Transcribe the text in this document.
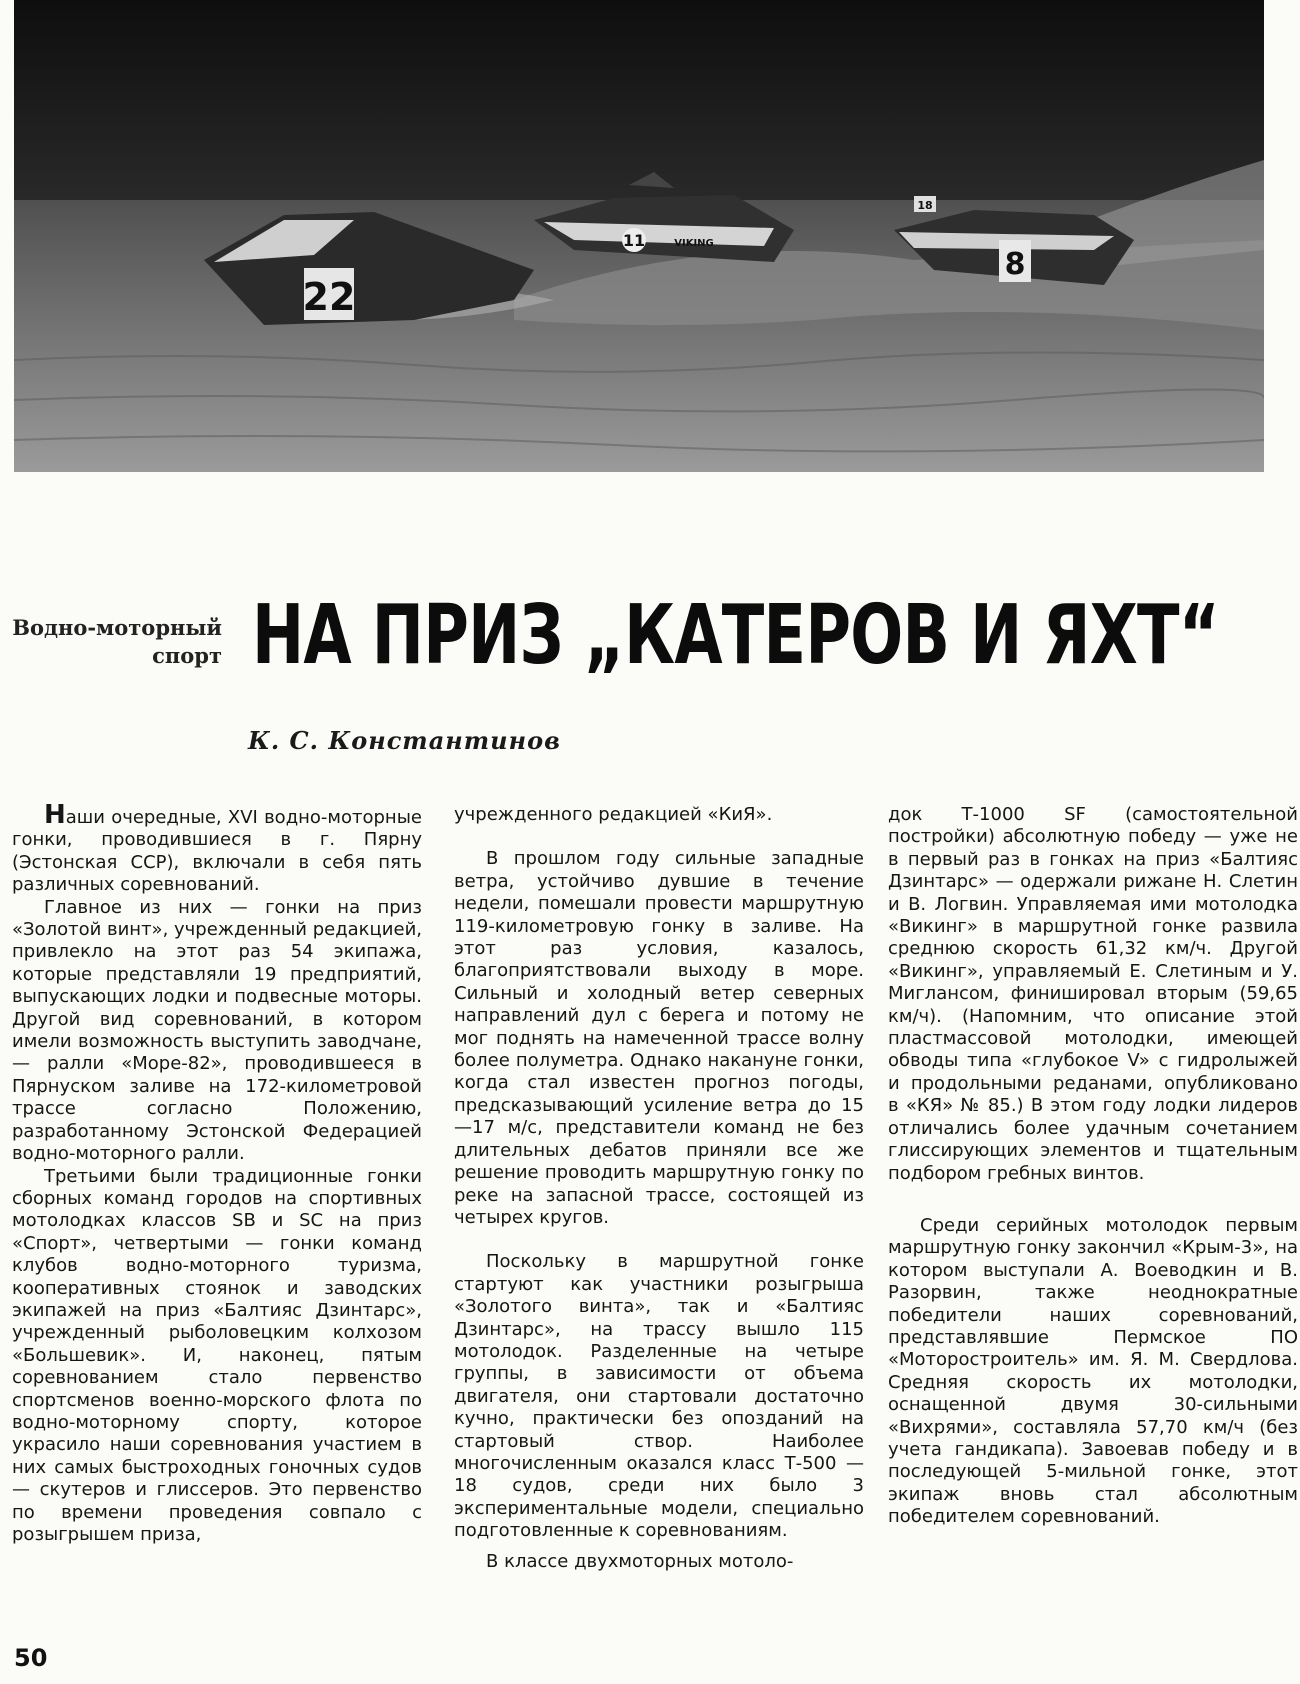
22
11	VIKING
8
18
Водно-моторный
спорт НА ПРИЗ „КАТЕРОВ И ЯХТ“
К. С. Константинов

Наши очередные, XVI водно-моторные гонки, проводившиеся в г. Пярну (Эстонская ССР), включали в себя пять различных соревнований.

Главное из них — гонки на приз «Золотой винт», учрежденный редакцией, привлекло на этот раз 54 экипажа, которые представляли 19 предприятий, выпускающих лодки и подвесные моторы. Другой вид соревнований, в котором имели возможность выступить заводчане,— ралли «Море-82», проводившееся в Пярнуском заливе на 172-километровой трассе согласно Положению, разработанному Эстонской Федерацией водно-моторного ралли.

Третьими были традиционные гонки сборных команд городов на спортивных мотолодках классов SB и SC на приз «Спорт», четвертыми — гонки команд клубов водно-моторного туризма, кооперативных стоянок и заводских экипажей на приз «Балтияс Дзинтарс», учрежденный рыболовецким колхозом «Большевик». И, наконец, пятым соревнованием стало первенство спортсменов военно-морского флота по водно-моторному спорту, которое украсило наши соревнования участием в них самых быстроходных гоночных судов — скутеров и глиссеров. Это первенство по времени проведения совпало с розыгрышем приза,

учрежденного редакцией «КиЯ».

В прошлом году сильные западные ветра, устойчиво дувшие в течение недели, помешали провести маршрутную 119-километровую гонку в заливе. На этот раз условия, казалось, благоприятствовали выходу в море. Сильный и холодный ветер северных направлений дул с берега и потому не мог поднять на намеченной трассе волну более полуметра. Однако накануне гонки, когда стал известен прогноз погоды, предсказывающий усиление ветра до 15—17 м/с, представители команд не без длительных дебатов приняли все же решение проводить маршрутную гонку по реке на запасной трассе, состоящей из четырех кругов.

Поскольку в маршрутной гонке стартуют как участники розыгрыша «Золотого винта», так и «Балтияс Дзинтарс», на трассу вышло 115 мотолодок. Разделенные на четыре группы, в зависимости от объема двигателя, они стартовали достаточно кучно, практически без опозданий на стартовый створ. Наиболее многочисленным оказался класс Т-500 — 18 судов, среди них было 3 экспериментальные модели, специально подготовленные к соревнованиям.

В классе двухмоторных мотоло-

док Т-1000 SF (самостоятельной постройки) абсолютную победу — уже не в первый раз в гонках на приз «Балтияс Дзинтарс» — одержали рижане Н. Слетин и В. Логвин. Управляемая ими мотолодка «Викинг» в маршрутной гонке развила среднюю скорость 61,32 км/ч. Другой «Викинг», управляемый Е. Слетиным и У. Миглансом, финишировал вторым (59,65 км/ч). (Напомним, что описание этой пластмассовой мотолодки, имеющей обводы типа «глубокое V» с гидролыжей и продольными реданами, опубликовано в «КЯ» № 85.) В этом году лодки лидеров отличались более удачным сочетанием глиссирующих элементов и тщательным подбором гребных винтов.

Среди серийных мотолодок первым маршрутную гонку закончил «Крым-3», на котором выступали А. Воеводкин и В. Разорвин, также неоднократные победители наших соревнований, представлявшие Пермское ПО «Моторостроитель» им. Я. М. Свердлова. Средняя скорость их мотолодки, оснащенной двумя 30-сильными «Вихрями», составляла 57,70 км/ч (без учета гандикапа). Завоевав победу и в последующей 5-мильной гонке, этот экипаж вновь стал абсолютным победителем соревнований.

50
